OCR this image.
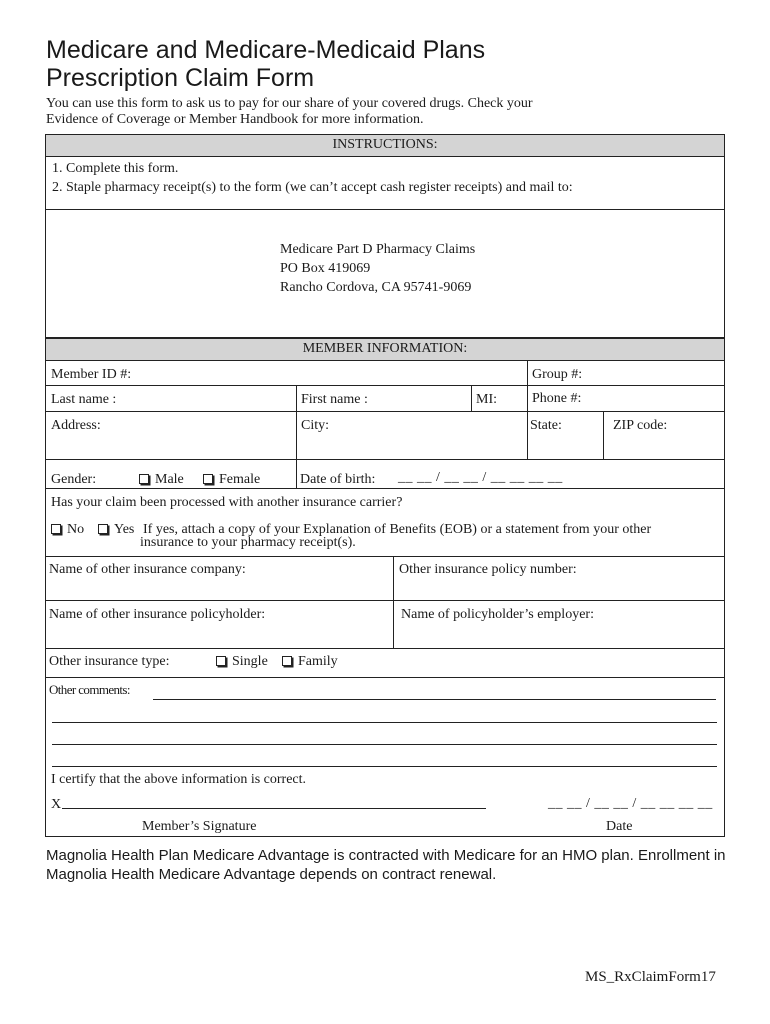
Medicare and Medicare-Medicaid Plans
Prescription Claim Form
You can use this form to ask us to pay for our share of your covered drugs. Check your
Evidence of Coverage or Member Handbook for more information.
INSTRUCTIONS:
1. Complete this form.
2. Staple pharmacy receipt(s) to the form (we can’t accept cash register receipts) and mail to:
Medicare Part D Pharmacy Claims
PO Box 419069
Rancho Cordova, CA 95741-9069
MEMBER INFORMATION:
Member ID #:	Group #:
Last name :	First name :	MI:	Phone #:
Address:	City:	State:	ZIP code:
Gender:	Male	Female	Date of birth: __ __ / __ __ / __ __ __ __
Has your claim been processed with another insurance carrier?
No	Yes If yes, attach a copy of your Explanation of Benefits (EOB) or a statement from your other
insurance to your pharmacy receipt(s).
Name of other insurance company:	Other insurance policy number:
Name of other insurance policyholder:	Name of policyholder’s employer:
Other insurance type:	Single	Family
Other comments:
I certify that the above information is correct.
X
Member’s Signature
__ __ / __ __ / __ __ __ __
Date
Magnolia Health Plan Medicare Advantage is contracted with Medicare for an HMO plan. Enrollment in
Magnolia Health Medicare Advantage depends on contract renewal.
MS_RxClaimForm17
